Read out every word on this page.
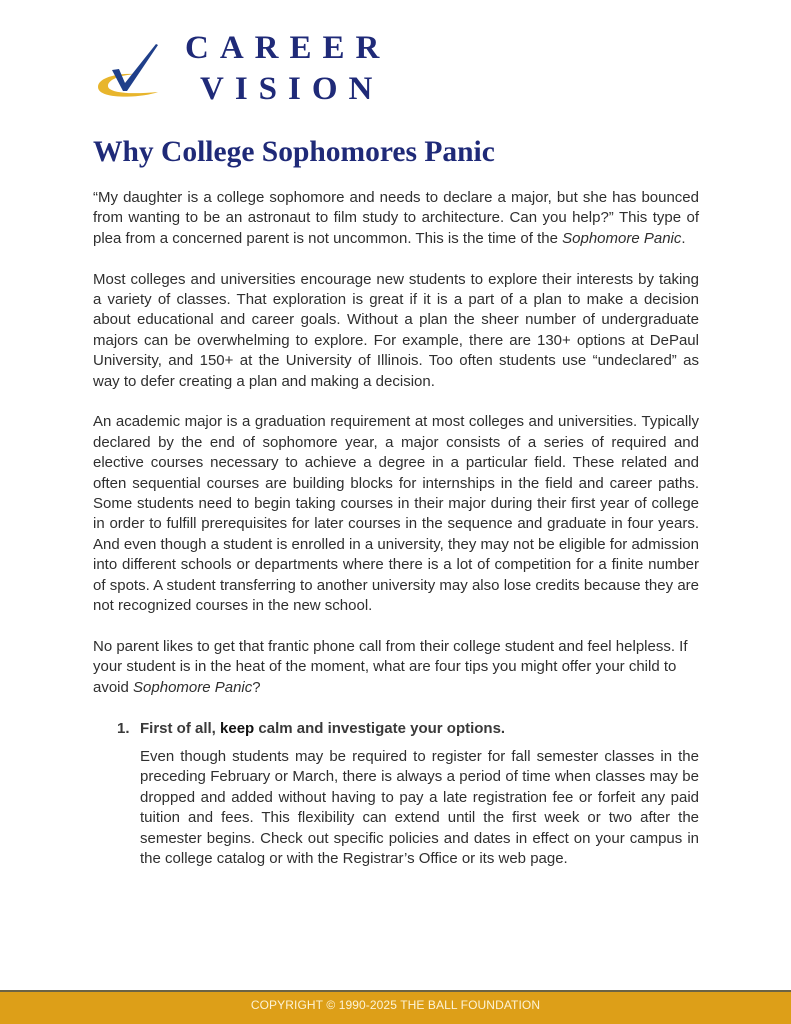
CAREER
VISION
Why College Sophomores Panic

“My daughter is a college sophomore and needs to declare a major, but she has bounced from wanting to be an astronaut to film study to architecture. Can you help?” This type of plea from a concerned parent is not uncommon. This is the time of the Sophomore Panic.

Most colleges and universities encourage new students to explore their interests by taking a variety of classes. That exploration is great if it is a part of a plan to make a decision about educational and career goals. Without a plan the sheer number of undergraduate majors can be overwhelming to explore. For example, there are 130+ options at DePaul University, and 150+ at the University of Illinois. Too often students use “undeclared” as way to defer creating a plan and making a decision.

An academic major is a graduation requirement at most colleges and universities. Typically declared by the end of sophomore year, a major consists of a series of required and elective courses necessary to achieve a degree in a particular field. These related and often sequential courses are building blocks for internships in the field and career paths. Some students need to begin taking courses in their major during their first year of college in order to fulfill prerequisites for later courses in the sequence and graduate in four years. And even though a student is enrolled in a university, they may not be eligible for admission into different schools or departments where there is a lot of competition for a finite number of spots. A student transferring to another university may also lose credits because they are not recognized courses in the new school.

No parent likes to get that frantic phone call from their college student and feel helpless. If your student is in the heat of the moment, what are four tips you might offer your child to avoid Sophomore Panic?

1. First of all, keep calm and investigate your options.

Even though students may be required to register for fall semester classes in the preceding February or March, there is always a period of time when classes may be dropped and added without having to pay a late registration fee or forfeit any paid tuition and fees. This flexibility can extend until the first week or two after the semester begins. Check out specific policies and dates in effect on your campus in the college catalog or with the Registrar’s Office or its web page.

COPYRIGHT © 1990-2025 THE BALL FOUNDATION
